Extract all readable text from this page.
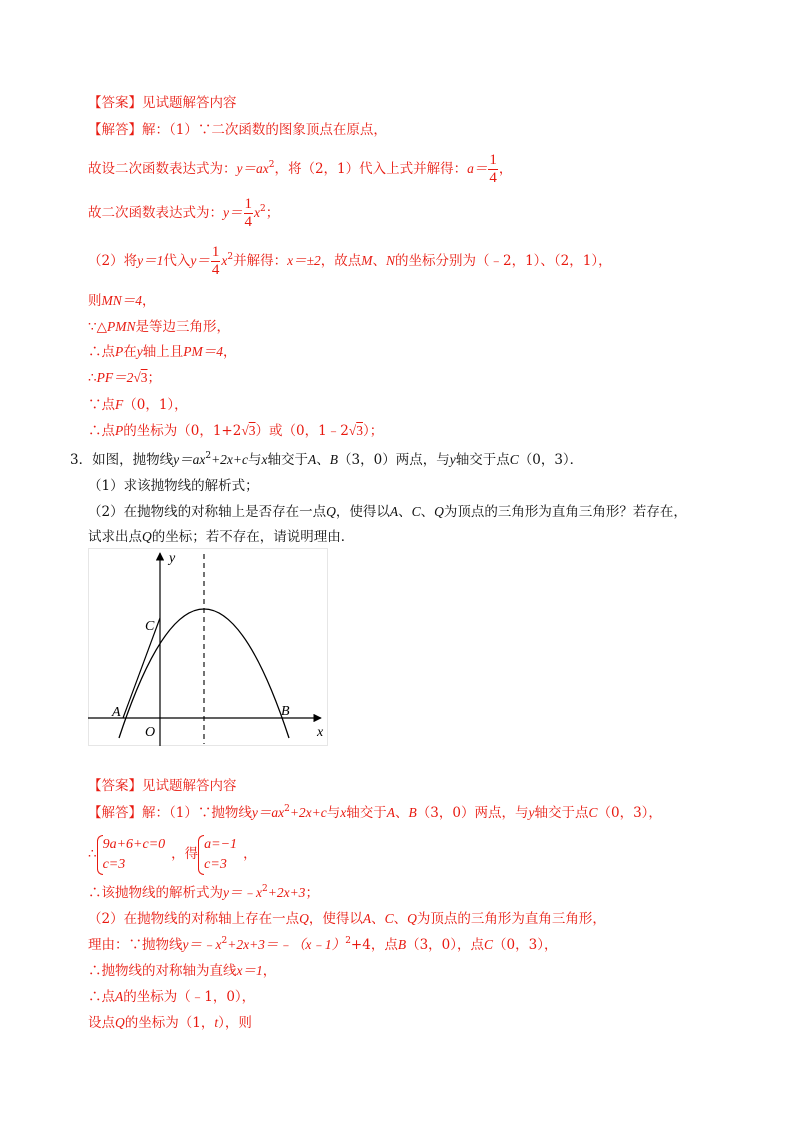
【答案】见试题解答内容
【解答】解：（1）∵二次函数的图象顶点在原点，
故设二次函数表达式为：$y=ax^2$，将（2，1）代入上式并解得：$a= \frac{1}{4}$ ，
故二次函数表达式为：$y= \frac{1}{4} x^2$；
（2）将y＝1代入$y= \frac{1}{4} x^2$并解得：x＝±2，故点M、N的坐标分别为（﹣2，1）、（2，1），
则MN＝4，
∵△PMN是等边三角形，
∴点P在y轴上且PM＝4，
∴PF＝2√3；
∵点F（0，1），
∴点P的坐标为（0，1+2√3）或（0，1﹣2√3）；
3．如图，抛物线$y=ax^2+2x+c$与x轴交于A、B（3，0）两点，与y轴交于点C（0，3）．
（1）求该抛物线的解析式；
（2）在抛物线的对称轴上是否存在一点Q，使得以A、C、Q为顶点的三角形为直角三角形？若存在，
试求出点Q的坐标；若不存在，请说明理由．
y
x
C
A
O
B
【答案】见试题解答内容
【解答】解：（1）∵抛物线$y=ax^2+2x+c$与x轴交于A、B（3，0）两点，与y轴交于点C（0，3），
∴9a+6+c=0
c=3，得a=−1
c=3，
∴该抛物线的解析式为$y=﹣x^2+2x+3$；
（2）在抛物线的对称轴上存在一点Q，使得以A、C、Q为顶点的三角形为直角三角形，
理由：∵抛物线$y=﹣x^2+2x+3=﹣(x﹣1)^2+4$，点B（3，0），点C（0，3），
∴抛物线的对称轴为直线x＝1，
∴点A的坐标为（﹣1，0），
设点Q的坐标为（1，t），则
